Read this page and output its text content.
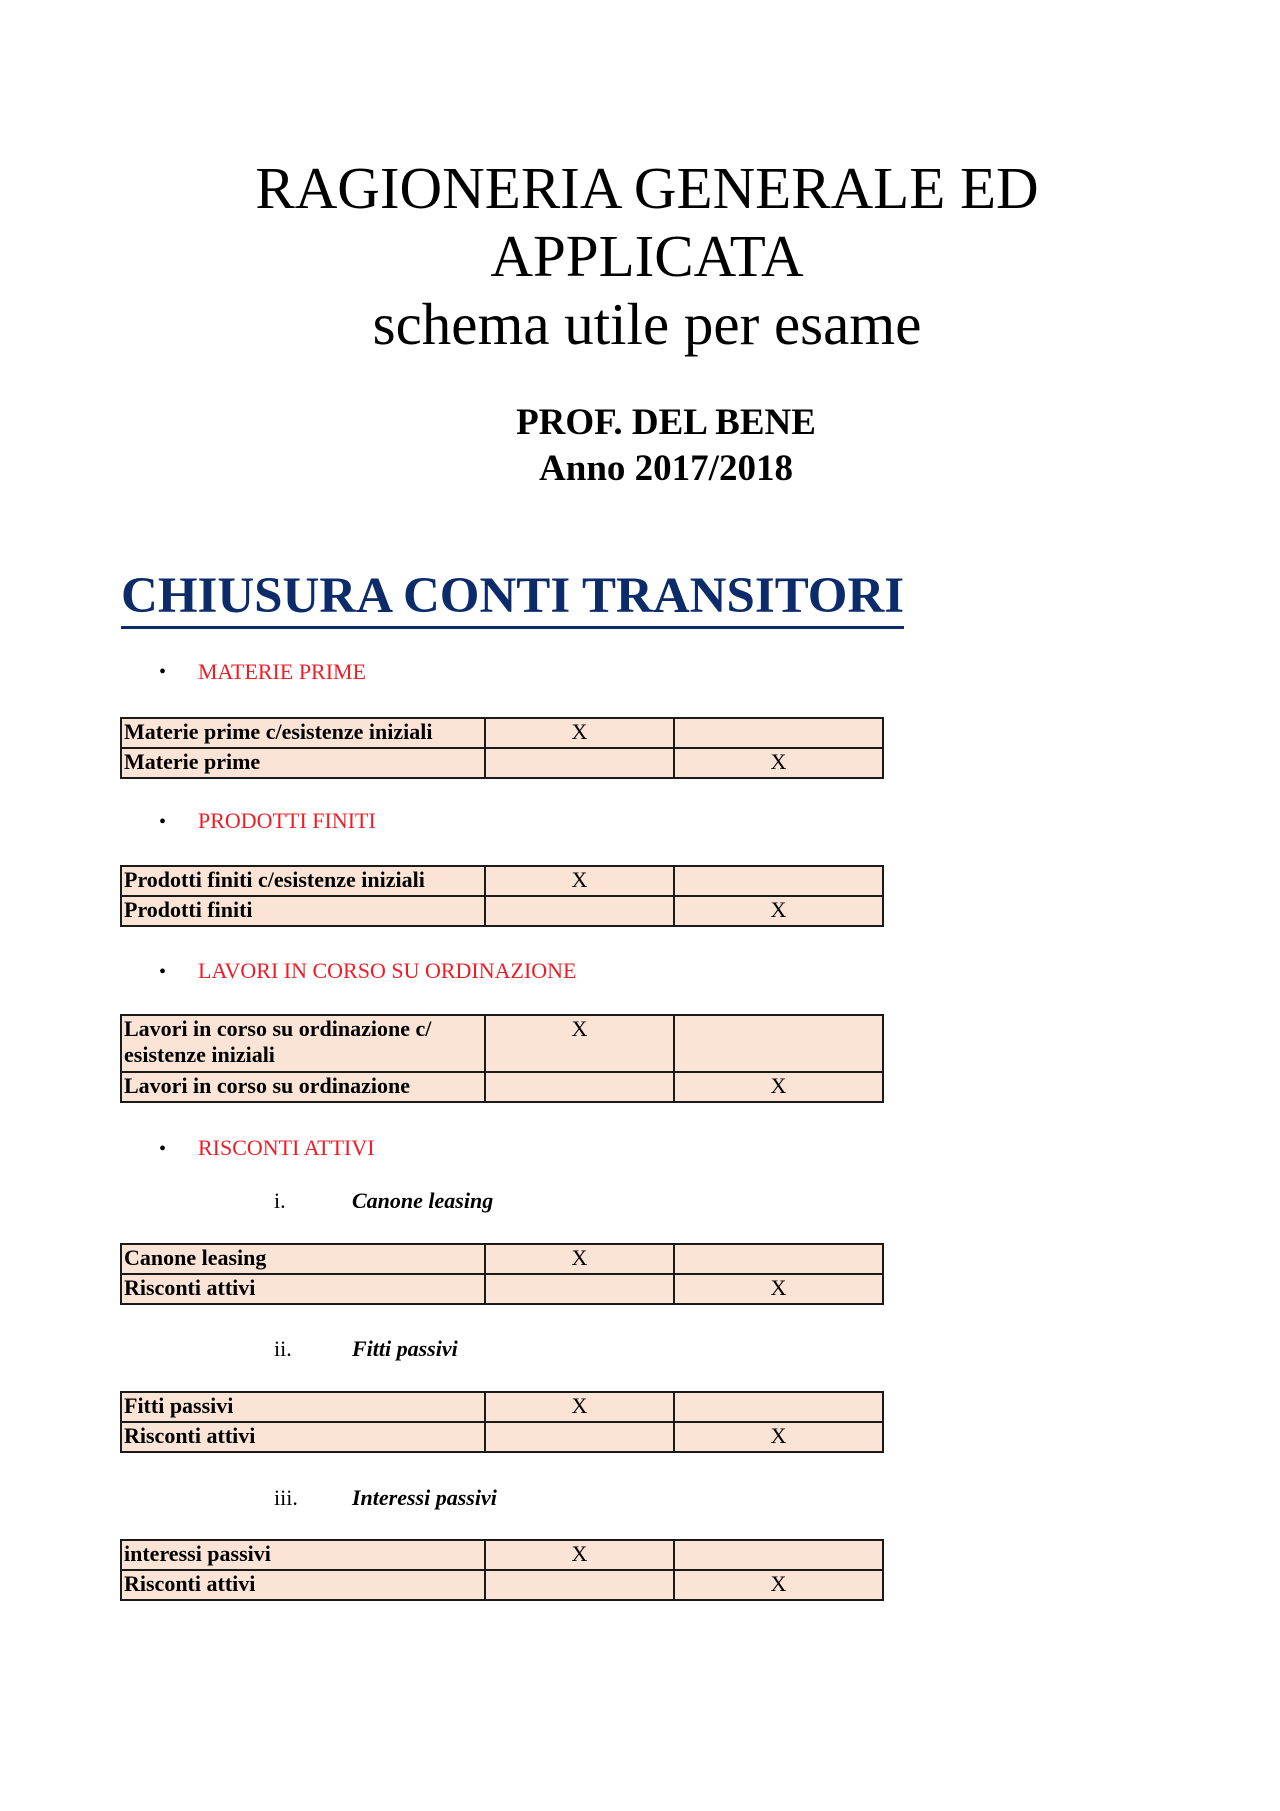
RAGIONERIA GENERALE ED
APPLICATA
schema utile per esame
PROF. DEL BENE
Anno 2017/2018
CHIUSURA CONTI TRANSITORI
• MATERIE PRIME
Materie prime c/esistenze iniziali	X	
Materie prime		X
• PRODOTTI FINITI
Prodotti finiti c/esistenze iniziali	X	
Prodotti finiti		X
• LAVORI IN CORSO SU ORDINAZIONE
Lavori in corso su ordinazione c/ esistenze iniziali	X	
Lavori in corso su ordinazione		X
• RISCONTI ATTIVI
i.	Canone leasing
Canone leasing	X	
Risconti attivi		X
ii.	Fitti passivi
Fitti passivi	X	
Risconti attivi		X
iii. Interessi passivi
interessi passivi	X	
Risconti attivi		X
